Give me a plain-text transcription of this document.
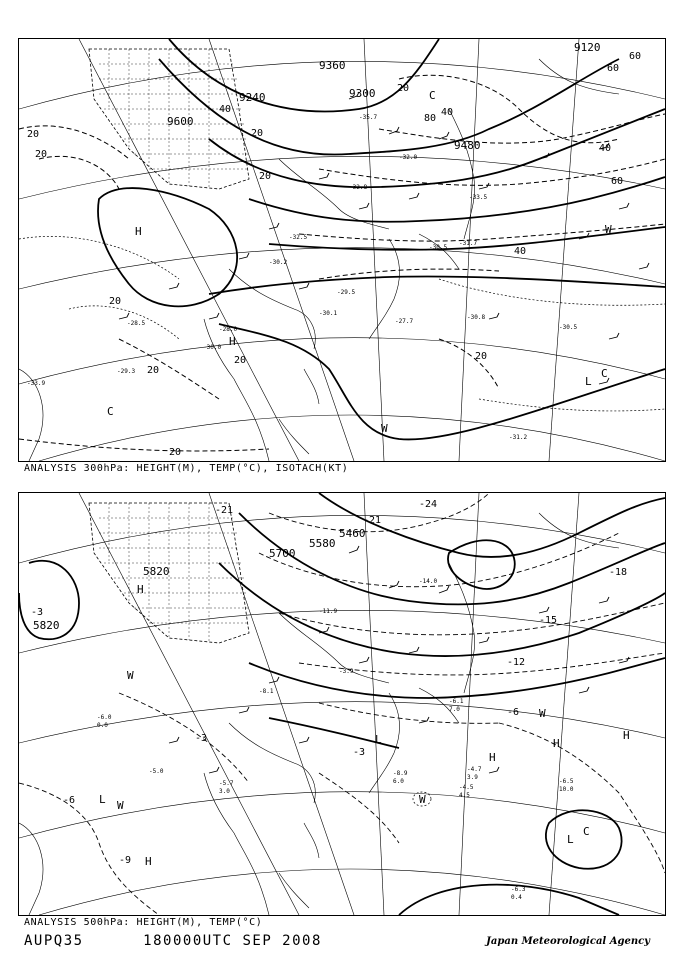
9120
9240	9300
9360
9480
9600
20
20
20
20
20
20
20
20
20
40	40
40
40
60
60
60
80
20
H
H
C
C
L
C
W
W
-33.9
-28.5
-30.0
-29.3
-31.7
-30.1
-27.7
-30.8
-30.5
-31.2
-28.0
-30.2
-29.5
-32.8
-32.0
-30.5
-32.5
-33.5
-35.7
ANALYSIS 300hPa: HEIGHT(M), TEMP(°C), ISOTACH(KT)
5460
5580
5700
5820
5820
-24
-21
-18
-15
-12
-9
-6
-3
-3
-3
-6
-21
H
H
H
H
H
W
W
W	W
L
L
L
C
-4.7
3.9
-6.5
10.0
-6.3
0.4
-5.7
3.0
-8.9
6.0
-6.0
0.0
-4.5
4.5
-3.9
-6.1
7.0
-8.1
-11.9
-5.0
-14.0
ANALYSIS 500hPa: HEIGHT(M), TEMP(°C)
AUPQ35	180000UTC SEP 2008	Japan Meteorological Agency
